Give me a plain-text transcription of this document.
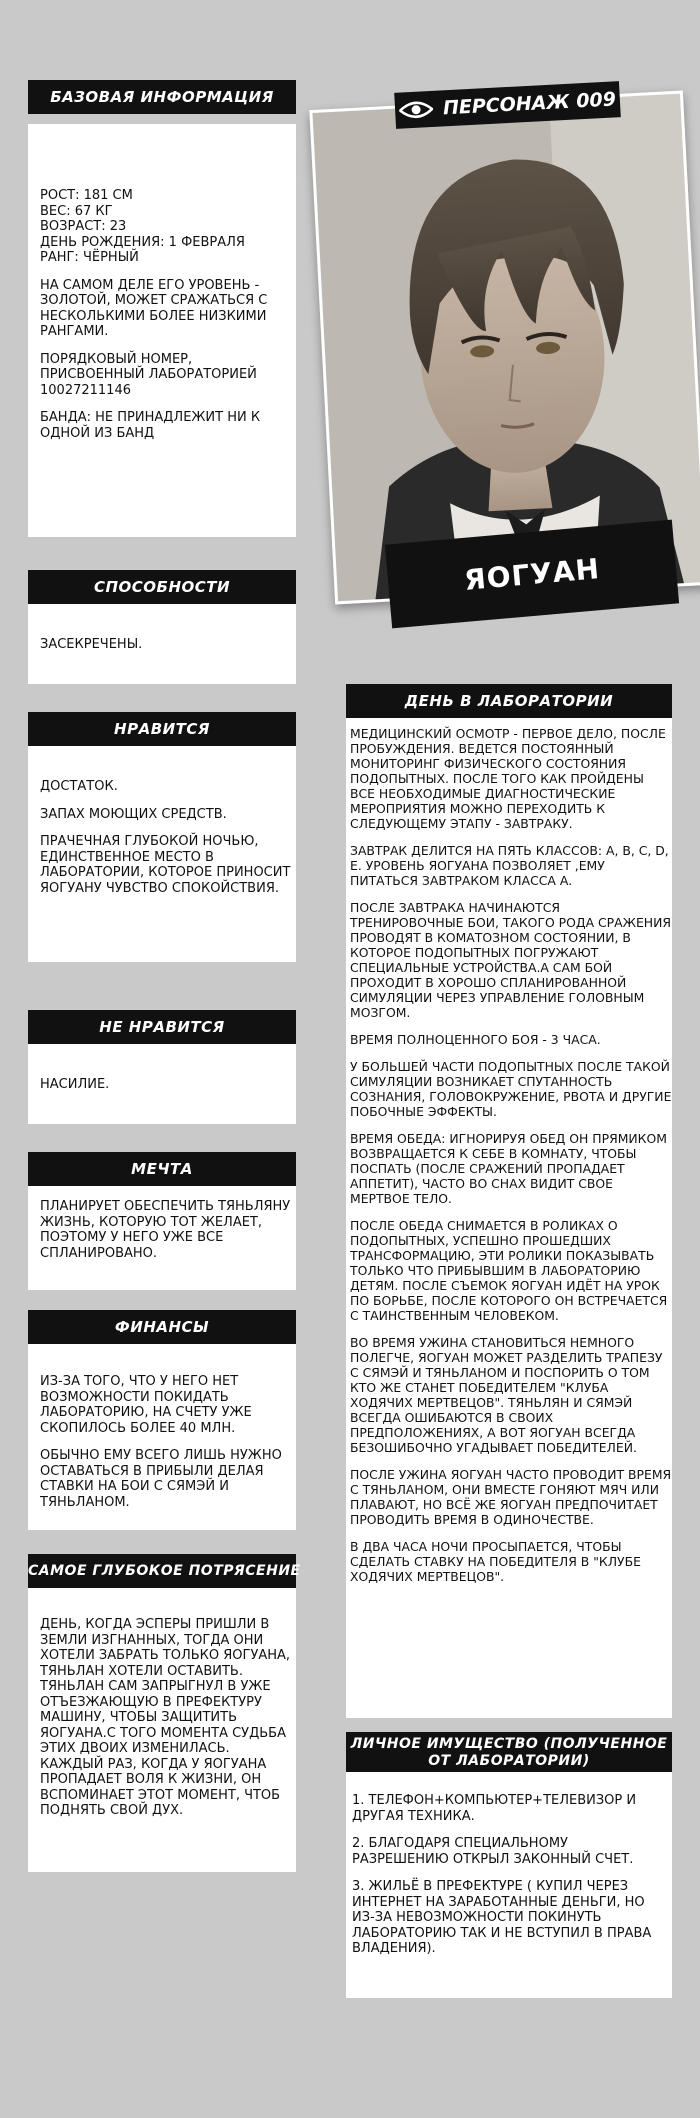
ПЕРСОНАЖ 009
ЯОГУАН
БАЗОВАЯ ИНФОРМАЦИЯ

РОСТ: 181 СМ
ВЕС: 67 КГ
ВОЗРАСТ: 23
ДЕНЬ РОЖДЕНИЯ: 1 ФЕВРАЛЯ
РАНГ: ЧЁРНЫЙ

НА САМОМ ДЕЛЕ ЕГО УРОВЕНЬ - ЗОЛОТОЙ, МОЖЕТ СРАЖАТЬСЯ С НЕСКОЛЬКИМИ БОЛЕЕ НИЗКИМИ РАНГАМИ.

ПОРЯДКОВЫЙ НОМЕР, ПРИСВОЕННЫЙ ЛАБОРАТОРИЕЙ 10027211146

БАНДА: НЕ ПРИНАДЛЕЖИТ НИ К ОДНОЙ ИЗ БАНД

СПОСОБНОСТИ
ЗАСЕКРЕЧЕНЫ.
НРАВИТСЯ

ДОСТАТОК.

ЗАПАХ МОЮЩИХ СРЕДСТВ.

ПРАЧЕЧНАЯ ГЛУБОКОЙ НОЧЬЮ, ЕДИНСТВЕННОЕ МЕСТО В ЛАБОРАТОРИИ, КОТОРОЕ ПРИНОСИТ ЯОГУАНУ ЧУВСТВО СПОКОЙСТВИЯ.

НЕ НРАВИТСЯ
НАСИЛИЕ.
МЕЧТА
ПЛАНИРУЕТ ОБЕСПЕЧИТЬ ТЯНЬЛЯНУ ЖИЗНЬ, КОТОРУЮ ТОТ ЖЕЛАЕТ, ПОЭТОМУ У НЕГО УЖЕ ВСЕ СПЛАНИРОВАНО.
ФИНАНСЫ

ИЗ-ЗА ТОГО, ЧТО У НЕГО НЕТ ВОЗМОЖНОСТИ ПОКИДАТЬ ЛАБОРАТОРИЮ, НА СЧЕТУ УЖЕ СКОПИЛОСЬ БОЛЕЕ 40 МЛН.

ОБЫЧНО ЕМУ ВСЕГО ЛИШЬ НУЖНО ОСТАВАТЬСЯ В ПРИБЫЛИ ДЕЛАЯ СТАВКИ НА БОИ С СЯМЭЙ И ТЯНЬЛАНОМ.

САМОЕ ГЛУБОКОЕ ПОТРЯСЕНИЕ
ДЕНЬ, КОГДА ЭСПЕРЫ ПРИШЛИ В ЗЕМЛИ ИЗГНАННЫХ, ТОГДА ОНИ ХОТЕЛИ ЗАБРАТЬ ТОЛЬКО ЯОГУАНА, ТЯНЬЛАН ХОТЕЛИ ОСТАВИТЬ. ТЯНЬЛАН САМ ЗАПРЫГНУЛ В УЖЕ ОТЪЕЗЖАЮЩУЮ В ПРЕФЕКТУРУ МАШИНУ, ЧТОБЫ ЗАЩИТИТЬ ЯОГУАНА.С ТОГО МОМЕНТА СУДЬБА ЭТИХ ДВОИХ ИЗМЕНИЛАСЬ. КАЖДЫЙ РАЗ, КОГДА У ЯОГУАНА ПРОПАДАЕТ ВОЛЯ К ЖИЗНИ, ОН ВСПОМИНАЕТ ЭТОТ МОМЕНТ, ЧТОБ ПОДНЯТЬ СВОЙ ДУХ.
ДЕНЬ В ЛАБОРАТОРИИ

МЕДИЦИНСКИЙ ОСМОТР - ПЕРВОЕ ДЕЛО, ПОСЛЕ ПРОБУЖДЕНИЯ. ВЕДЕТСЯ ПОСТОЯННЫЙ МОНИТОРИНГ ФИЗИЧЕСКОГО СОСТОЯНИЯ ПОДОПЫТНЫХ. ПОСЛЕ ТОГО КАК ПРОЙДЕНЫ ВСЕ НЕОБХОДИМЫЕ ДИАГНОСТИЧЕСКИЕ МЕРОПРИЯТИЯ МОЖНО ПЕРЕХОДИТЬ К СЛЕДУЮЩЕМУ ЭТАПУ - ЗАВТРАКУ.

ЗАВТРАК ДЕЛИТСЯ НА ПЯТЬ КЛАССОВ: A, B, C, D, E. УРОВЕНЬ ЯОГУАНА ПОЗВОЛЯЕТ ,ЕМУ ПИТАТЬСЯ ЗАВТРАКОМ КЛАССА А.

ПОСЛЕ ЗАВТРАКА НАЧИНАЮТСЯ ТРЕНИРОВОЧНЫЕ БОИ, ТАКОГО РОДА СРАЖЕНИЯ ПРОВОДЯТ В КОМАТОЗНОМ СОСТОЯНИИ, В КОТОРОЕ ПОДОПЫТНЫХ ПОГРУЖАЮТ СПЕЦИАЛЬНЫЕ УСТРОЙСТВА.А САМ БОЙ ПРОХОДИТ В ХОРОШО СПЛАНИРОВАННОЙ СИМУЛЯЦИИ ЧЕРЕЗ УПРАВЛЕНИЕ ГОЛОВНЫМ МОЗГОМ.

ВРЕМЯ ПОЛНОЦЕННОГО БОЯ - 3 ЧАСА.

У БОЛЬШЕЙ ЧАСТИ ПОДОПЫТНЫХ ПОСЛЕ ТАКОЙ СИМУЛЯЦИИ ВОЗНИКАЕТ СПУТАННОСТЬ СОЗНАНИЯ, ГОЛОВОКРУЖЕНИЕ, РВОТА И ДРУГИЕ ПОБОЧНЫЕ ЭФФЕКТЫ.

ВРЕМЯ ОБЕДА: ИГНОРИРУЯ ОБЕД ОН ПРЯМИКОМ ВОЗВРАЩАЕТСЯ К СЕБЕ В КОМНАТУ, ЧТОБЫ ПОСПАТЬ (ПОСЛЕ СРАЖЕНИЙ ПРОПАДАЕТ АППЕТИТ), ЧАСТО ВО СНАХ ВИДИТ СВОЕ МЕРТВОЕ ТЕЛО.

ПОСЛЕ ОБЕДА СНИМАЕТСЯ В РОЛИКАХ О ПОДОПЫТНЫХ, УСПЕШНО ПРОШЕДШИХ ТРАНСФОРМАЦИЮ, ЭТИ РОЛИКИ ПОКАЗЫВАТЬ ТОЛЬКО ЧТО ПРИБЫВШИМ В ЛАБОРАТОРИЮ ДЕТЯМ. ПОСЛЕ СЪЕМОК ЯОГУАН ИДЁТ НА УРОК ПО БОРЬБЕ, ПОСЛЕ КОТОРОГО ОН ВСТРЕЧАЕТСЯ С ТАИНСТВЕННЫМ ЧЕЛОВЕКОМ.

ВО ВРЕМЯ УЖИНА СТАНОВИТЬСЯ НЕМНОГО ПОЛЕГЧЕ, ЯОГУАН МОЖЕТ РАЗДЕЛИТЬ ТРАПЕЗУ С СЯМЭЙ И ТЯНЬЛАНОМ И ПОСПОРИТЬ О ТОМ КТО ЖЕ СТАНЕТ ПОБЕДИТЕЛЕМ "КЛУБА ХОДЯЧИХ МЕРТВЕЦОВ". ТЯНЬЛЯН И СЯМЭЙ ВСЕГДА ОШИБАЮТСЯ В СВОИХ ПРЕДПОЛОЖЕНИЯХ, А ВОТ ЯОГУАН ВСЕГДА БЕЗОШИБОЧНО УГАДЫВАЕТ ПОБЕДИТЕЛЕЙ.

ПОСЛЕ УЖИНА ЯОГУАН ЧАСТО ПРОВОДИТ ВРЕМЯ С ТЯНЬЛАНОМ, ОНИ ВМЕСТЕ ГОНЯЮТ МЯЧ ИЛИ ПЛАВАЮТ, НО ВСЁ ЖЕ ЯОГУАН ПРЕДПОЧИТАЕТ ПРОВОДИТЬ ВРЕМЯ В ОДИНОЧЕСТВЕ.

В ДВА ЧАСА НОЧИ ПРОСЫПАЕТСЯ, ЧТОБЫ СДЕЛАТЬ СТАВКУ НА ПОБЕДИТЕЛЯ В "КЛУБЕ ХОДЯЧИХ МЕРТВЕЦОВ".

ЛИЧНОЕ ИМУЩЕСТВО (ПОЛУЧЕННОЕ ОТ ЛАБОРАТОРИИ)
1. ТЕЛЕФОН+КОМПЬЮТЕР+ТЕЛЕВИЗОР И ДРУГАЯ ТЕХНИКА.
2. БЛАГОДАРЯ СПЕЦИАЛЬНОМУ РАЗРЕШЕНИЮ ОТКРЫЛ ЗАКОННЫЙ СЧЕТ.
3. ЖИЛЬЁ В ПРЕФЕКТУРЕ ( КУПИЛ ЧЕРЕЗ ИНТЕРНЕТ НА ЗАРАБОТАННЫЕ ДЕНЬГИ, НО ИЗ-ЗА НЕВОЗМОЖНОСТИ ПОКИНУТЬ ЛАБОРАТОРИЮ ТАК И НЕ ВСТУПИЛ В ПРАВА ВЛАДЕНИЯ).
